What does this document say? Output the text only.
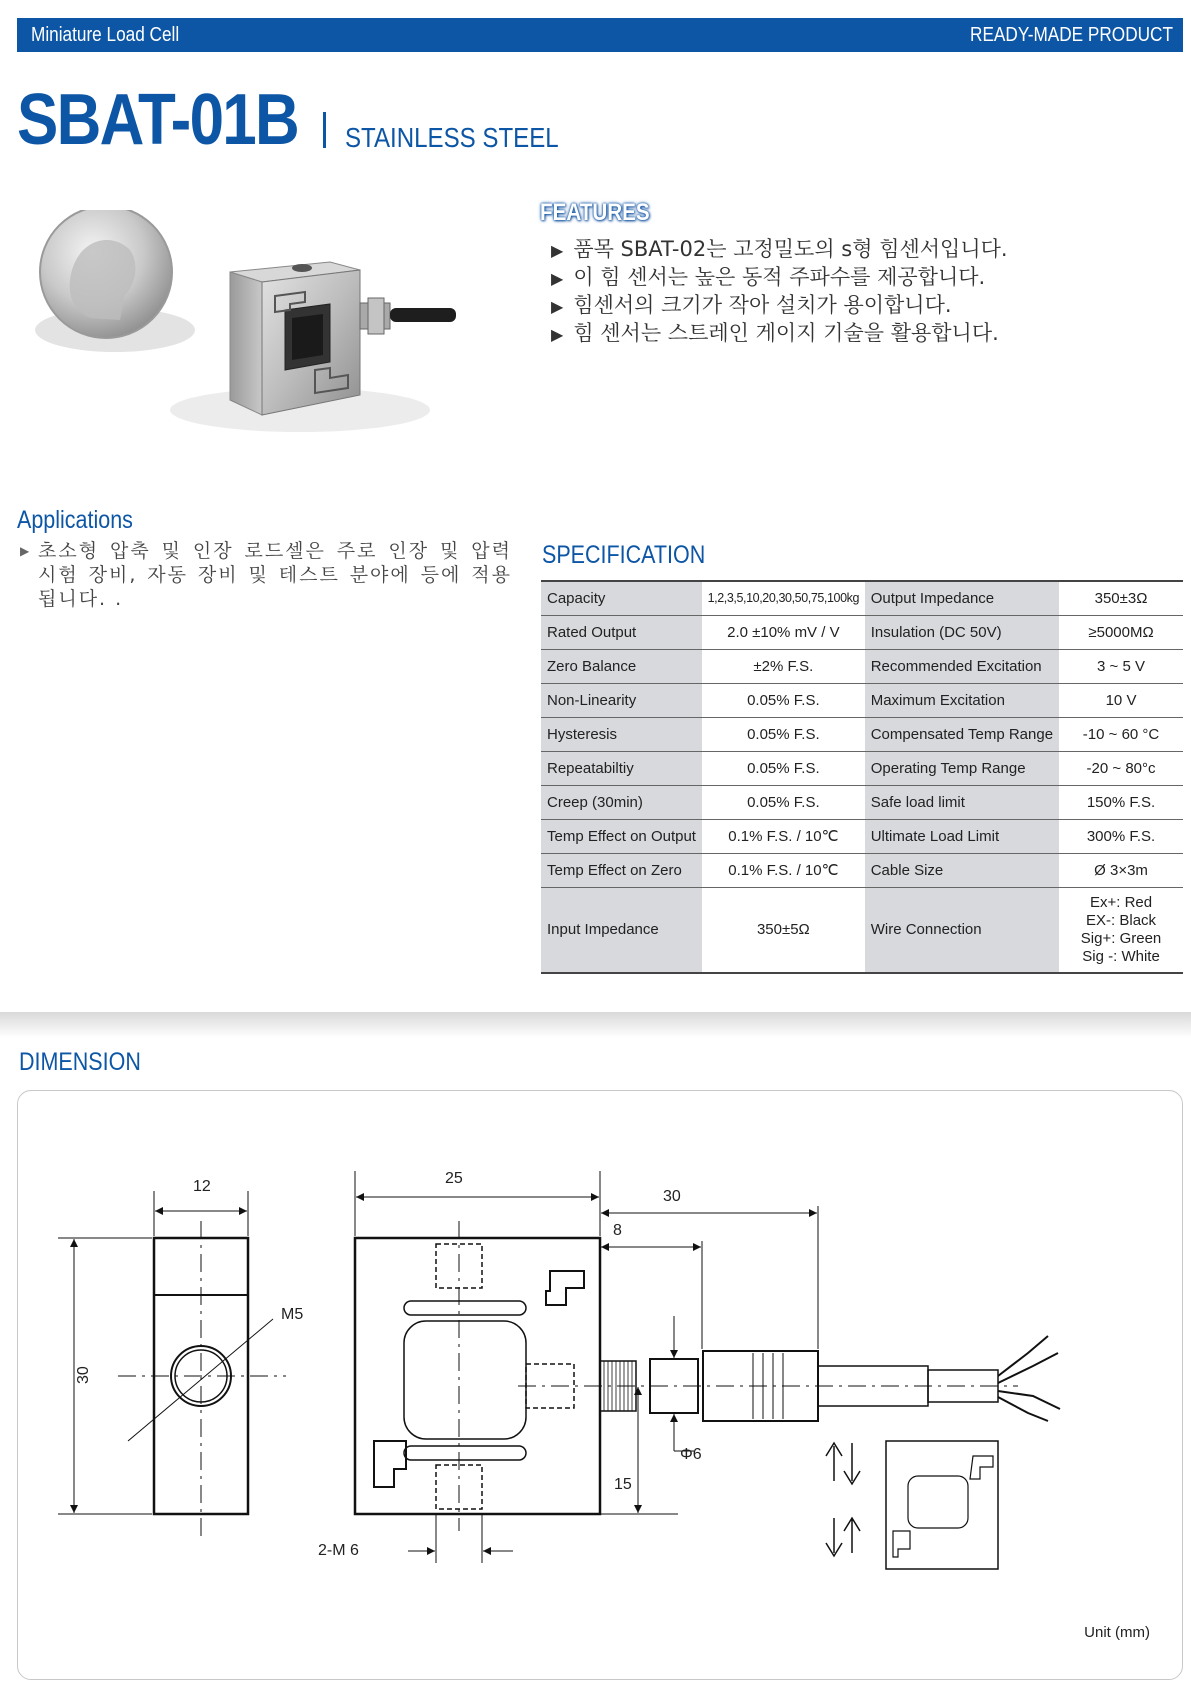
Miniature Load Cell	READY-MADE PRODUCT
SBAT-01B STAINLESS STEEL
FEATURES
▶ 품목 SBAT-02는 고정밀도의 s형 힘센서입니다.
▶ 이 힘 센서는 높은 동적 주파수를 제공합니다.
▶ 힘센서의 크기가 작아 설치가 용이합니다.
▶ 힘 센서는 스트레인 게이지 기술을 활용합니다.
Applications
▶ 초소형 압축 및 인장 로드셀은 주로 인장 및 압력 시험 장비, 자동 장비 및 테스트 분야에 등에 적용됩니다. .
SPECIFICATION
Capacity	1,2,3,5,10,20,30,50,75,100kg	Output Impedance	350±3Ω
Rated Output	2.0 ±10% mV / V	Insulation (DC 50V)	≥5000MΩ
Zero Balance	±2% F.S.	Recommended Excitation	3 ~ 5 V
Non-Linearity	0.05% F.S.	Maximum Excitation	10 V
Hysteresis	0.05% F.S.	Compensated Temp Range	-10 ~ 60 °C
Repeatabiltiy	0.05% F.S.	Operating Temp Range	-20 ~ 80°c
Creep (30min)	0.05% F.S.	Safe load limit	150% F.S.
Temp Effect on Output	0.1% F.S. / 10℃	Ultimate Load Limit	300% F.S.
Temp Effect on Zero	0.1% F.S. / 10℃	Cable Size	Ø 3×3m
Input Impedance	350±5Ω	Wire Connection	Ex+: Red
EX-: Black
Sig+: Green
Sig -: White
DIMENSION
12
30
M5
25
30
8
Φ6
15
2-M 6
Unit (mm)
